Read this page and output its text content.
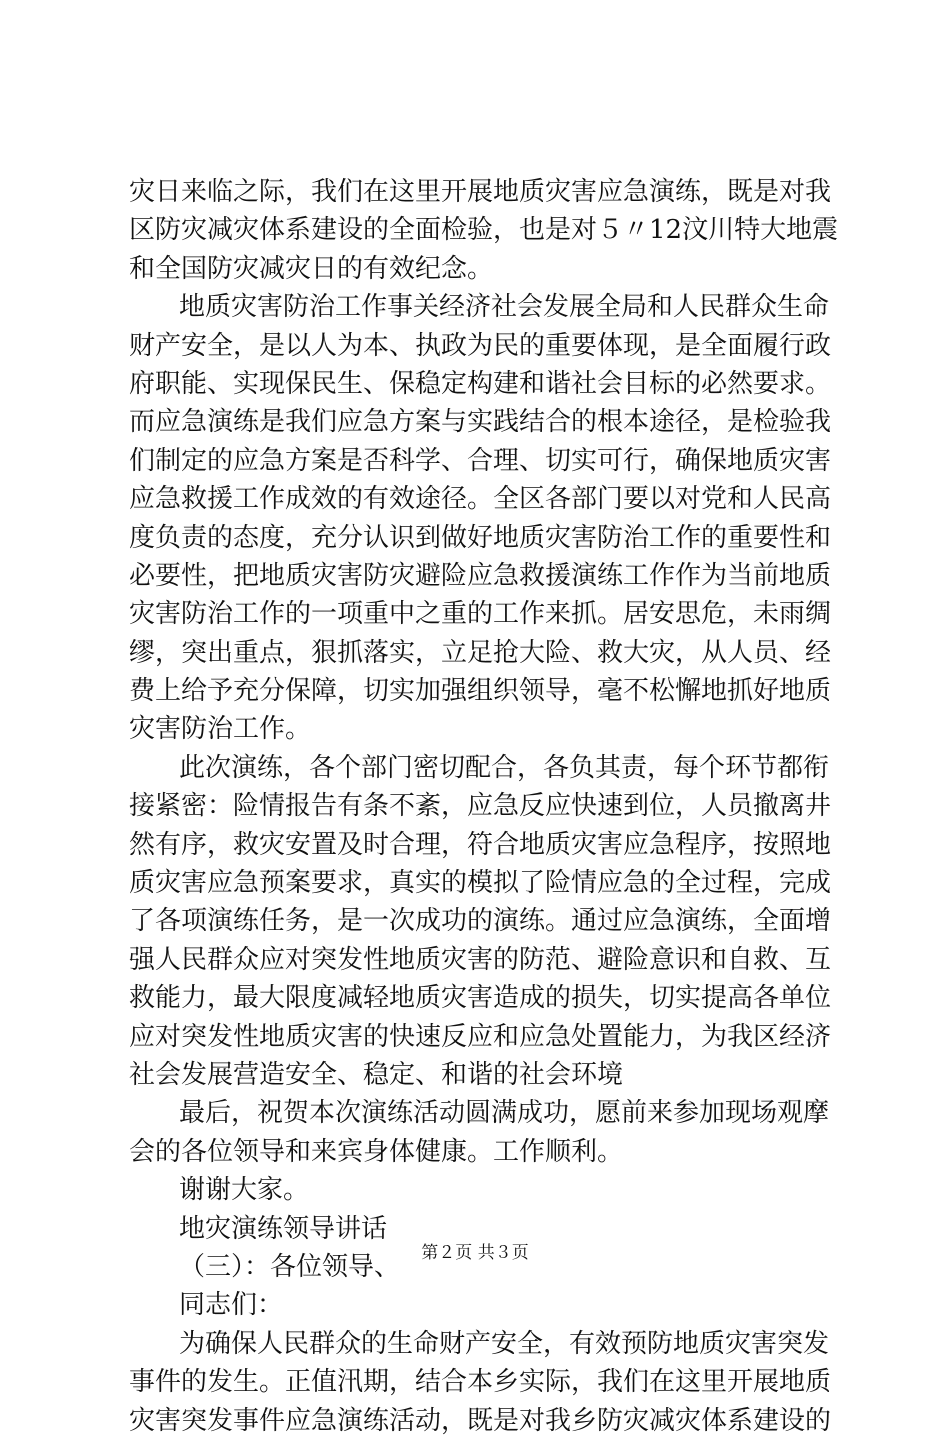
灾日来临之际，我们在这里开展地质灾害应急演练，既是对我
区防灾减灾体系建设的全面检验，也是对５〃12汶川特大地震
和全国防灾减灾日的有效纪念。
地质灾害防治工作事关经济社会发展全局和人民群众生命
财产安全，是以人为本、执政为民的重要体现，是全面履行政
府职能、实现保民生、保稳定构建和谐社会目标的必然要求。
而应急演练是我们应急方案与实践结合的根本途径，是检验我
们制定的应急方案是否科学、合理、切实可行，确保地质灾害
应急救援工作成效的有效途径。全区各部门要以对党和人民高
度负责的态度，充分认识到做好地质灾害防治工作的重要性和
必要性，把地质灾害防灾避险应急救援演练工作作为当前地质
灾害防治工作的一项重中之重的工作来抓。居安思危，未雨绸
缪，突出重点，狠抓落实，立足抢大险、救大灾，从人员、经
费上给予充分保障，切实加强组织领导，毫不松懈地抓好地质
灾害防治工作。
此次演练，各个部门密切配合，各负其责，每个环节都衔
接紧密：险情报告有条不紊，应急反应快速到位，人员撤离井
然有序，救灾安置及时合理，符合地质灾害应急程序，按照地
质灾害应急预案要求，真实的模拟了险情应急的全过程，完成
了各项演练任务，是一次成功的演练。通过应急演练，全面增
强人民群众应对突发性地质灾害的防范、避险意识和自救、互
救能力，最大限度减轻地质灾害造成的损失，切实提高各单位
应对突发性地质灾害的快速反应和应急处置能力，为我区经济
社会发展营造安全、稳定、和谐的社会环境
最后，祝贺本次演练活动圆满成功，愿前来参加现场观摩
会的各位领导和来宾身体健康。工作顺利。
谢谢大家。
地灾演练领导讲话
（三）：各位领导、
同志们：
为确保人民群众的生命财产安全，有效预防地质灾害突发
事件的发生。正值汛期，结合本乡实际，我们在这里开展地质
灾害突发事件应急演练活动，既是对我乡防灾减灾体系建设的
第２页 共３页
